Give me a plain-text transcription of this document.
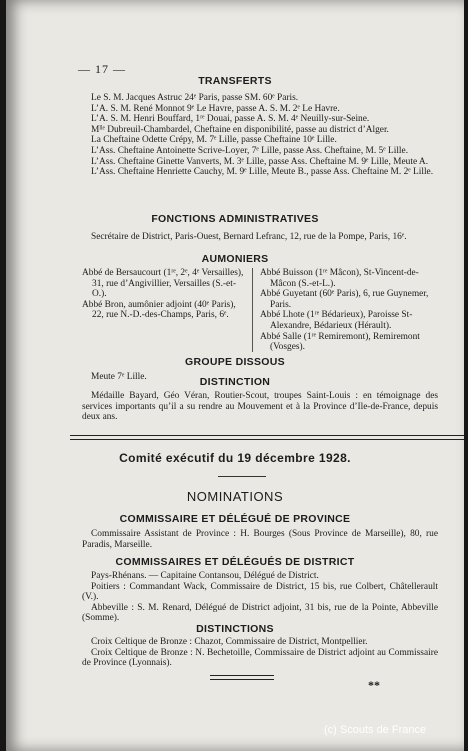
— 17 —
TRANSFERTS

Le S. M. Jacques Astruc 24ᵉ Paris, passe SM. 60ᵉ Paris.

L’A. S. M. René Monnot 9ᵉ Le Havre, passe A. S. M. 2ᵉ Le Havre.

L’A. S. M. Henri Bouffard, 1ʳᵉ Douai, passe A. S. M. 4ᵉ Neuilly-sur-Seine.

Mˡˡᵉ Dubreuil-Chambardel, Cheftaine en disponibilité, passe au district d’Alger.

La Cheftaine Odette Crépy, M. 7ᵉ Lille, passe Cheftaine 10ᵉ Lille.

L’Ass. Cheftaine Antoinette Scrive-Loyer, 7ᵉ Lille, passe Ass. Cheftaine, M. 5ᵉ Lille.

L’Ass. Cheftaine Ginette Vanverts, M. 3ᵉ Lille, passe Ass. Cheftaine M. 9ᵉ Lille, Meute A.

L’Ass. Cheftaine Henriette Cauchy, M. 9ᵉ Lille, Meute B., passe Ass. Cheftaine M. 2ᵉ Lille.

FONCTIONS ADMINISTRATIVES

Secrétaire de District, Paris-Ouest, Bernard Lefranc, 12, rue de la Pompe, Paris, 16ᵉ.

AUMONIERS

Abbé de Bersaucourt (1ʳᵉ, 2ᵉ, 4ᵉ Versailles), 31, rue d’Angivillier, Versailles (S.-et-O.).

Abbé Bron, aumônier adjoint (40ᵉ Paris), 22, rue N.-D.-des-Champs, Paris, 6ᵉ.

Abbé Buisson (1ʳᵉ Mâcon), St-Vincent-de-Mâcon (S.-et-L.).

Abbé Guyetant (60ᵉ Paris), 6, rue Guynemer, Paris.

Abbé Lhote (1ʳᵉ Bédarieux), Paroisse St-Alexandre, Bédarieux (Hérault).

Abbé Salle (1ʳᵉ Remiremont), Remiremont (Vosges).

GROUPE DISSOUS

Meute 7ᵉ Lille.	DISTINCTION

Médaille Bayard, Géo Véran, Routier-Scout, troupes Saint-Louis : en témoignage des services importants qu’il a su rendre au Mouvement et à la Province d’Ile-de-France, depuis deux ans.

Comité exécutif du 19 décembre 1928.
NOMINATIONS
COMMISSAIRE ET DÉLÉGUÉ DE PROVINCE

Commissaire Assistant de Province : H. Bourges (Sous Province de Marseille), 80, rue Paradis, Marseille.

COMMISSAIRES ET DÉLÉGUÉS DE DISTRICT

Pays-Rhénans. — Capitaine Contansou, Délégué de District.

Poitiers : Commandant Wack, Commissaire de District, 15 bis, rue Colbert, Châtellerault (V.).

Abbeville : S. M. Renard, Délégué de District adjoint, 31 bis, rue de la Pointe, Abbeville (Somme).

DISTINCTIONS

Croix Celtique de Bronze : Chazot, Commissaire de District, Montpellier.

Croix Celtique de Bronze : N. Bechetoille, Commissaire de District adjoint au Commissaire de Province (Lyonnais).

**
(c) Scouts de France
